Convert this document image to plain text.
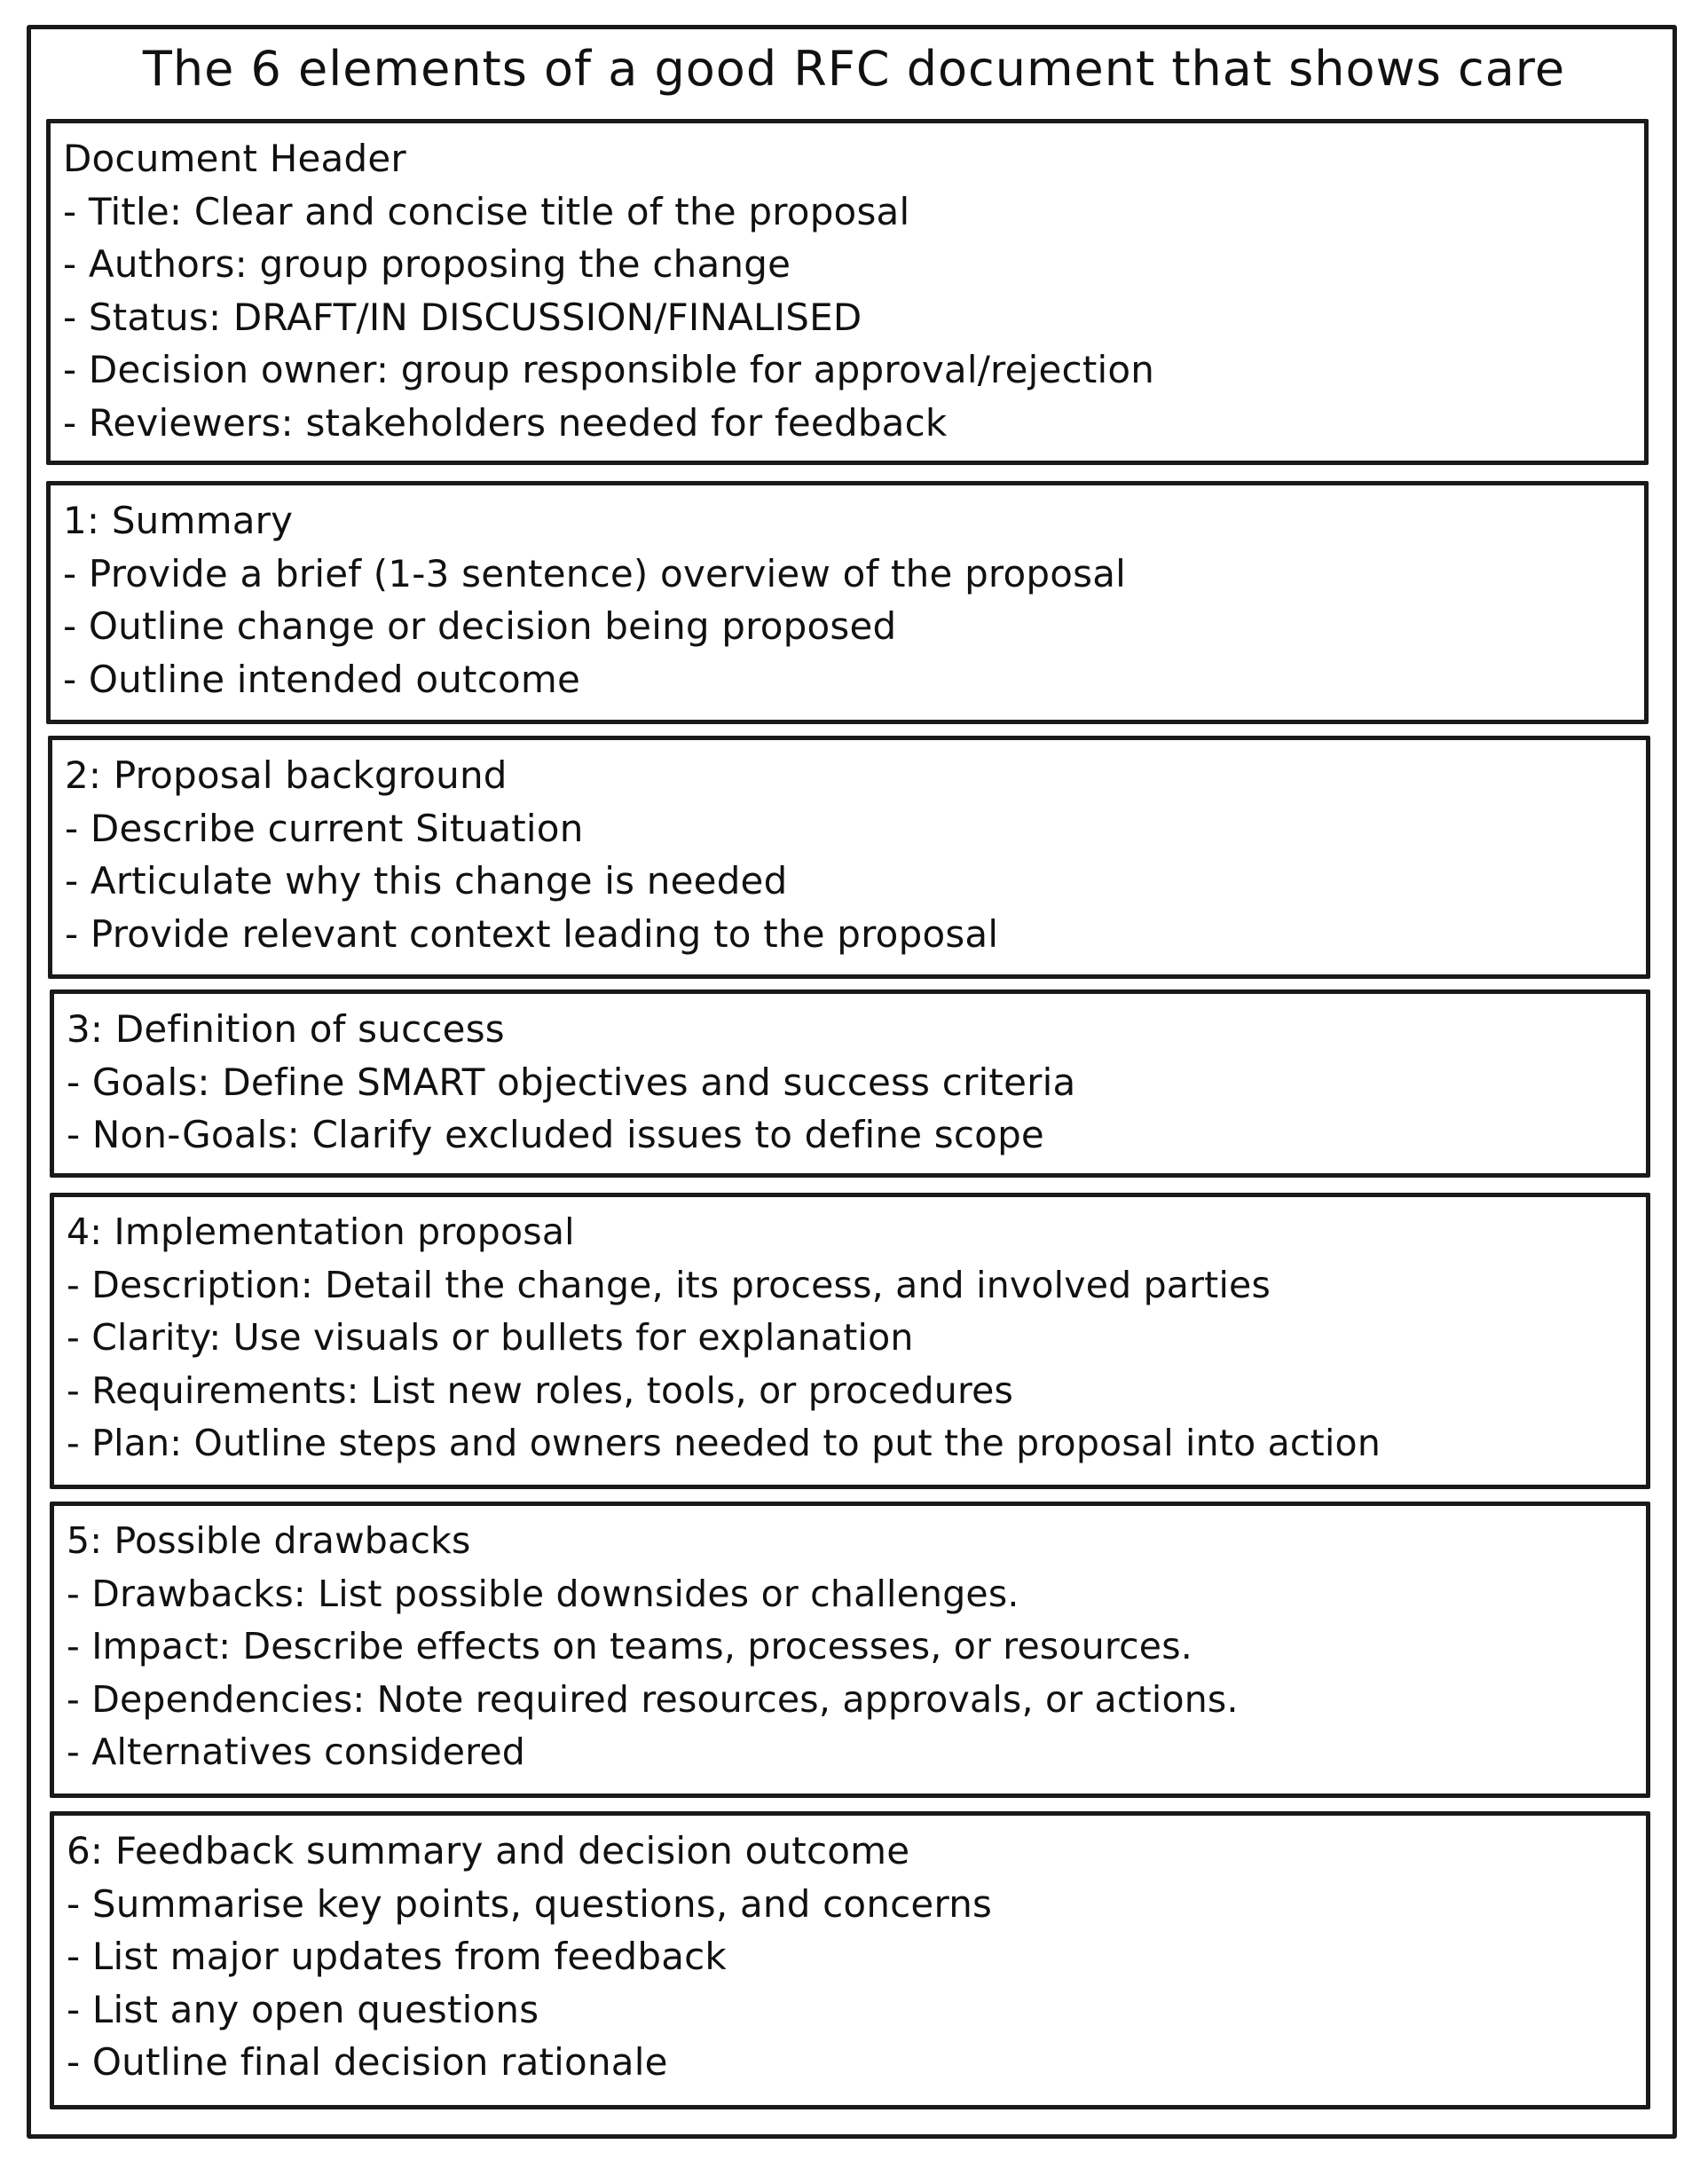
The 6 elements of a good RFC document that shows care
Document Header
- Title: Clear and concise title of the proposal
- Authors: group proposing the change
- Status: DRAFT/IN DISCUSSION/FINALISED
- Decision owner: group responsible for approval/rejection
- Reviewers: stakeholders needed for feedback
1: Summary
- Provide a brief (1-3 sentence) overview of the proposal
- Outline change or decision being proposed
- Outline intended outcome
2: Proposal background
- Describe current Situation
- Articulate why this change is needed
- Provide relevant context leading to the proposal
3: Definition of success
- Goals: Define SMART objectives and success criteria
- Non-Goals: Clarify excluded issues to define scope
4: Implementation proposal
- Description: Detail the change, its process, and involved parties
- Clarity: Use visuals or bullets for explanation
- Requirements: List new roles, tools, or procedures
- Plan: Outline steps and owners needed to put the proposal into action
5: Possible drawbacks
- Drawbacks: List possible downsides or challenges.
- Impact: Describe effects on teams, processes, or resources.
- Dependencies: Note required resources, approvals, or actions.
- Alternatives considered
6: Feedback summary and decision outcome
- Summarise key points, questions, and concerns
- List major updates from feedback
- List any open questions
- Outline final decision rationale
